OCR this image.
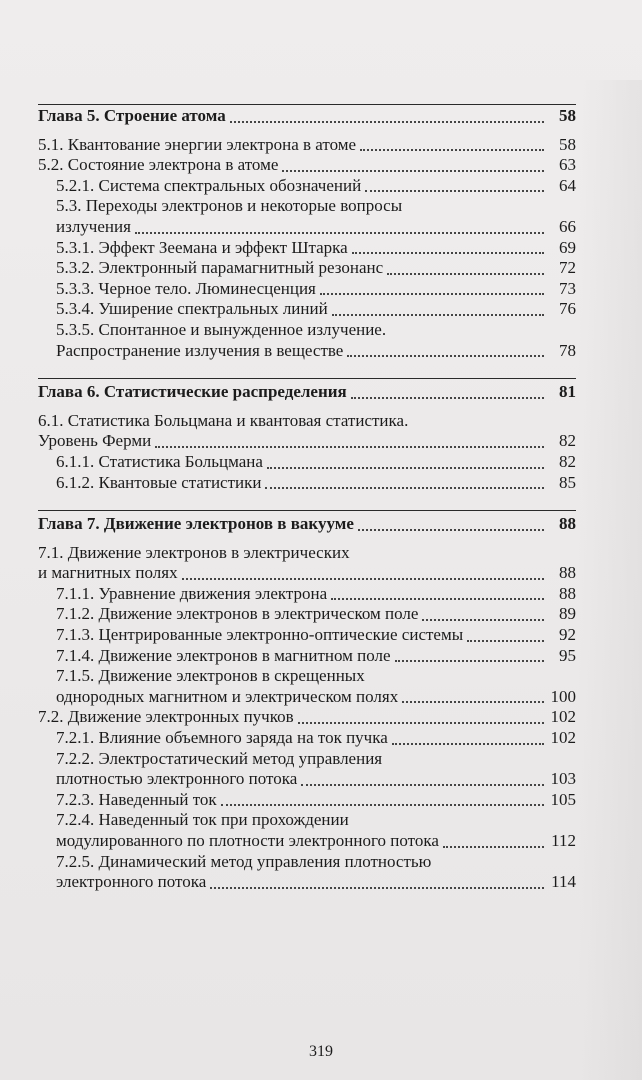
Глава 5. Строение атома	58
5.1. Квантование энергии электрона в атоме	58
5.2. Состояние электрона в атоме	63
5.2.1. Система спектральных обозначений	64
5.3. Переходы электронов и некоторые вопросы
излучения	66
5.3.1. Эффект Зеемана и эффект Штарка	69
5.3.2. Электронный парамагнитный резонанс	72
5.3.3. Черное тело. Люминесценция	73
5.3.4. Уширение спектральных линий	76
5.3.5. Спонтанное и вынужденное излучение.
Распространение излучения в веществе	78
Глава 6. Статистические распределения	81
6.1. Статистика Больцмана и квантовая статистика.
Уровень Ферми	82
6.1.1. Статистика Больцмана	82
6.1.2. Квантовые статистики	85
Глава 7. Движение электронов в вакууме	88
7.1. Движение электронов в электрических
и магнитных полях	88
7.1.1. Уравнение движения электрона	88
7.1.2. Движение электронов в электрическом поле	89
7.1.3. Центрированные электронно-оптические системы	92
7.1.4. Движение электронов в магнитном поле	95
7.1.5. Движение электронов в скрещенных
однородных магнитном и электрическом полях	100
7.2. Движение электронных пучков	102
7.2.1. Влияние объемного заряда на ток пучка	102
7.2.2. Электростатический метод управления
плотностью электронного потока	103
7.2.3. Наведенный ток	105
7.2.4. Наведенный ток при прохождении
модулированного по плотности электронного потока	112
7.2.5. Динамический метод управления плотностью
электронного потока	114
319
